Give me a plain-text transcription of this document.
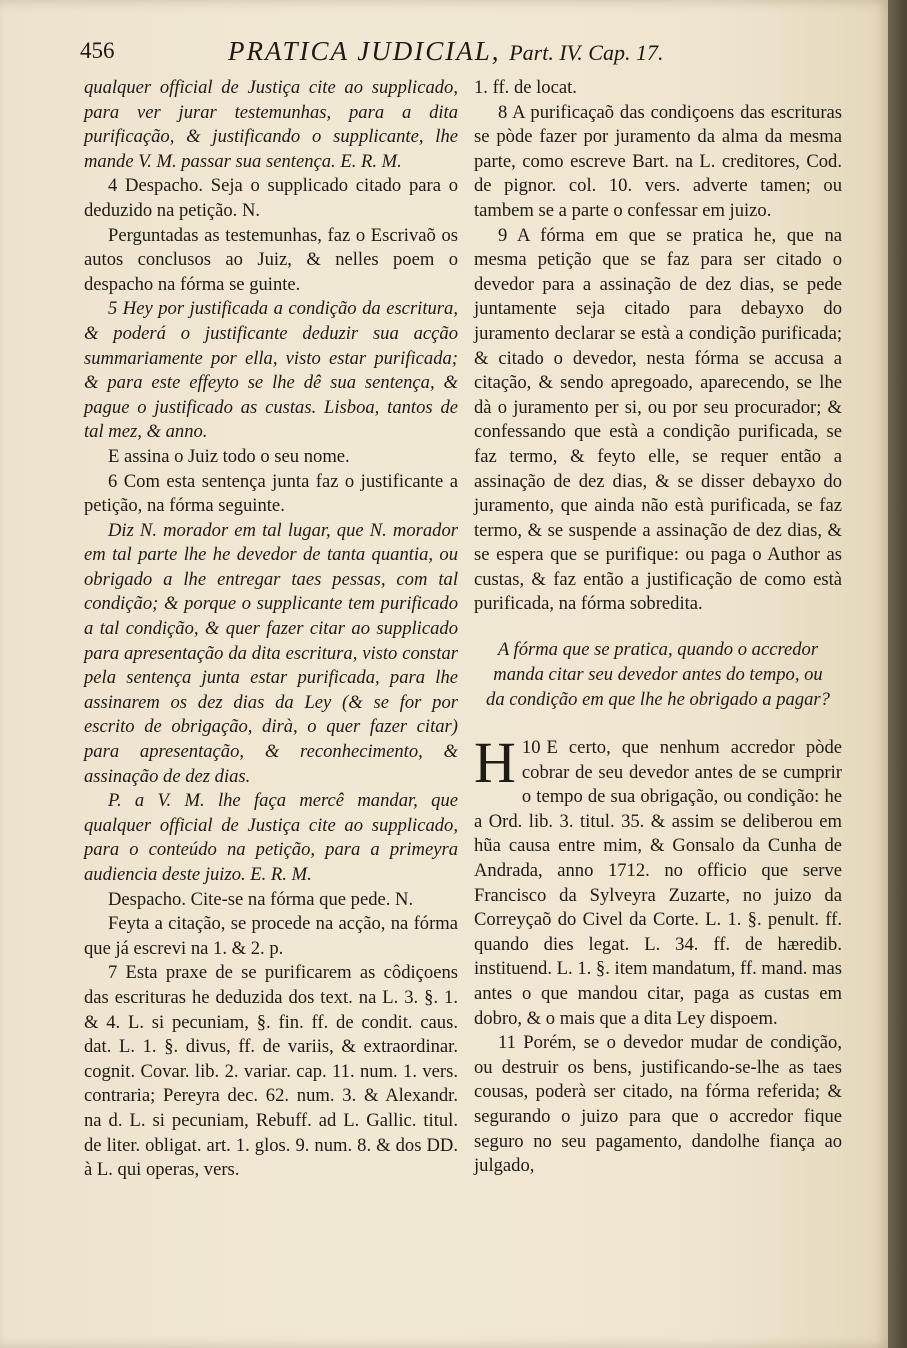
456	PRATICA JUDICIAL, Part. IV. Cap. 17.

qualquer official de Justiça cite ao supplicado, para ver jurar testemunhas, para a dita purificação, & justificando o supplicante, lhe mande V. M. passar sua sentença. E. R. M.

4 Despacho. Seja o supplicado citado para o deduzido na petição. N.

Perguntadas as testemunhas, faz o Escrivaõ os autos conclusos ao Juiz, & nelles poem o despacho na fórma se guinte.

5 Hey por justificada a condição da escritura, & poderá o justificante deduzir sua acção summariamente por ella, visto estar purificada; & para este effeyto se lhe dê sua sentença, & pague o justificado as custas. Lisboa, tantos de tal mez, & anno.

E assina o Juiz todo o seu nome.

6 Com esta sentença junta faz o justificante a petição, na fórma seguinte.

Diz N. morador em tal lugar, que N. morador em tal parte lhe he devedor de tanta quantia, ou obrigado a lhe entregar taes pessas, com tal condição; & porque o supplicante tem purificado a tal condição, & quer fazer citar ao supplicado para apresentação da dita escritura, visto constar pela sentença junta estar purificada, para lhe assinarem os dez dias da Ley (& se for por escrito de obrigação, dirà, o quer fazer citar) para apresentação, & reconhecimento, & assinação de dez dias.

P. a V. M. lhe faça mercê mandar, que qualquer official de Justiça cite ao supplicado, para o conteúdo na petição, para a primeyra audiencia deste juizo. E. R. M.

Despacho. Cite-se na fórma que pede. N.

Feyta a citação, se procede na acção, na fórma que já escrevi na 1. & 2. p.

7 Esta praxe de se purificarem as côdiçoens das escrituras he deduzida dos text. na L. 3. §. 1. & 4. L. si pecuniam, §. fin. ff. de condit. caus. dat. L. 1. §. divus, ff. de variis, & extraordinar. cognit. Covar. lib. 2. variar. cap. 11. num. 1. vers. contraria; Pereyra dec. 62. num. 3. & Alexandr. na d. L. si pecuniam, Rebuff. ad L. Gallic. titul. de liter. obligat. art. 1. glos. 9. num. 8. & dos DD. à L. qui operas, vers.

1. ff. de locat.

8 A purificaçaõ das condiçoens das escrituras se pòde fazer por juramento da alma da mesma parte, como escreve Bart. na L. creditores, Cod. de pignor. col. 10. vers. adverte tamen; ou tambem se a parte o confessar em juizo.

9 A fórma em que se pratica he, que na mesma petição que se faz para ser citado o devedor para a assinação de dez dias, se pede juntamente seja citado para debayxo do juramento declarar se està a condição purificada; & citado o devedor, nesta fórma se accusa a citação, & sendo apregoado, aparecendo, se lhe dà o juramento per si, ou por seu procurador; & confessando que està a condição purificada, se faz termo, & feyto elle, se requer então a assinação de dez dias, & se disser debayxo do juramento, que ainda não està purificada, se faz termo, & se suspende a assinação de dez dias, & se espera que se purifique: ou paga o Author as custas, & faz então a justificação de como està purificada, na fórma sobredita.

A fórma que se pratica, quando o accredor manda citar seu devedor antes do tempo, ou da condição em que lhe he obrigado a pagar?

10
H E certo, que nenhum accredor pòde cobrar de seu devedor antes de se cumprir o tempo de sua obrigação, ou condição: he a Ord. lib. 3. titul. 35. & assim se deliberou em hũa causa entre mim, & Gonsalo da Cunha de Andrada, anno 1712. no officio que serve Francisco da Sylveyra Zuzarte, no juizo da Correyçaõ do Civel da Corte. L. 1. §. penult. ff. quando dies legat. L. 34. ff. de hæredib. instituend. L. 1. §. item mandatum, ff. mand. mas antes o que mandou citar, paga as custas em dobro, & o mais que a dita Ley dispoem.

11 Porém, se o devedor mudar de condição, ou destruir os bens, justificando-se-lhe as taes cousas, poderà ser citado, na fórma referida; & segurando o juizo para que o accredor fique seguro no seu pagamento, dandolhe fiança ao julgado,
